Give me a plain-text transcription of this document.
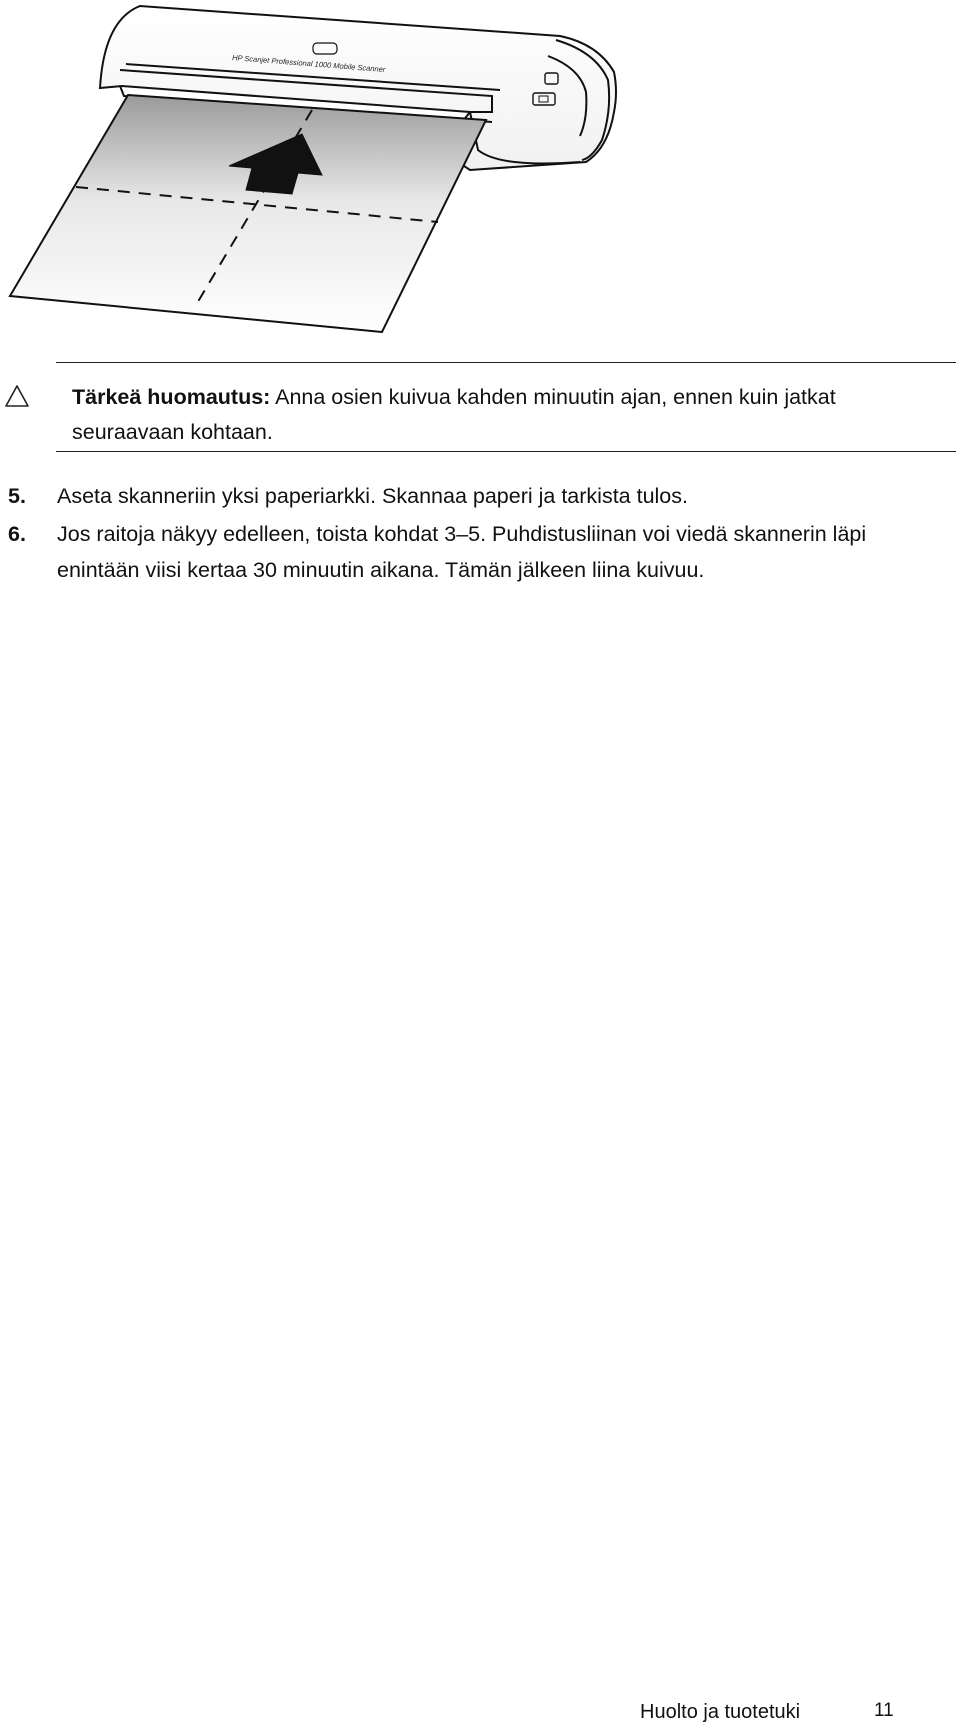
HP Scanjet Professional 1000 Mobile Scanner
Tärkeä huomautus: Anna osien kuivua kahden minuutin ajan, ennen kuin jatkat seuraavaan kohtaan.
5. Aseta skanneriin yksi paperiarkki. Skannaa paperi ja tarkista tulos.
6. Jos raitoja näkyy edelleen, toista kohdat 3–5. Puhdistusliinan voi viedä skannerin läpi enintään viisi kertaa 30 minuutin aikana. Tämän jälkeen liina kuivuu.
Huolto ja tuotetuki	11
